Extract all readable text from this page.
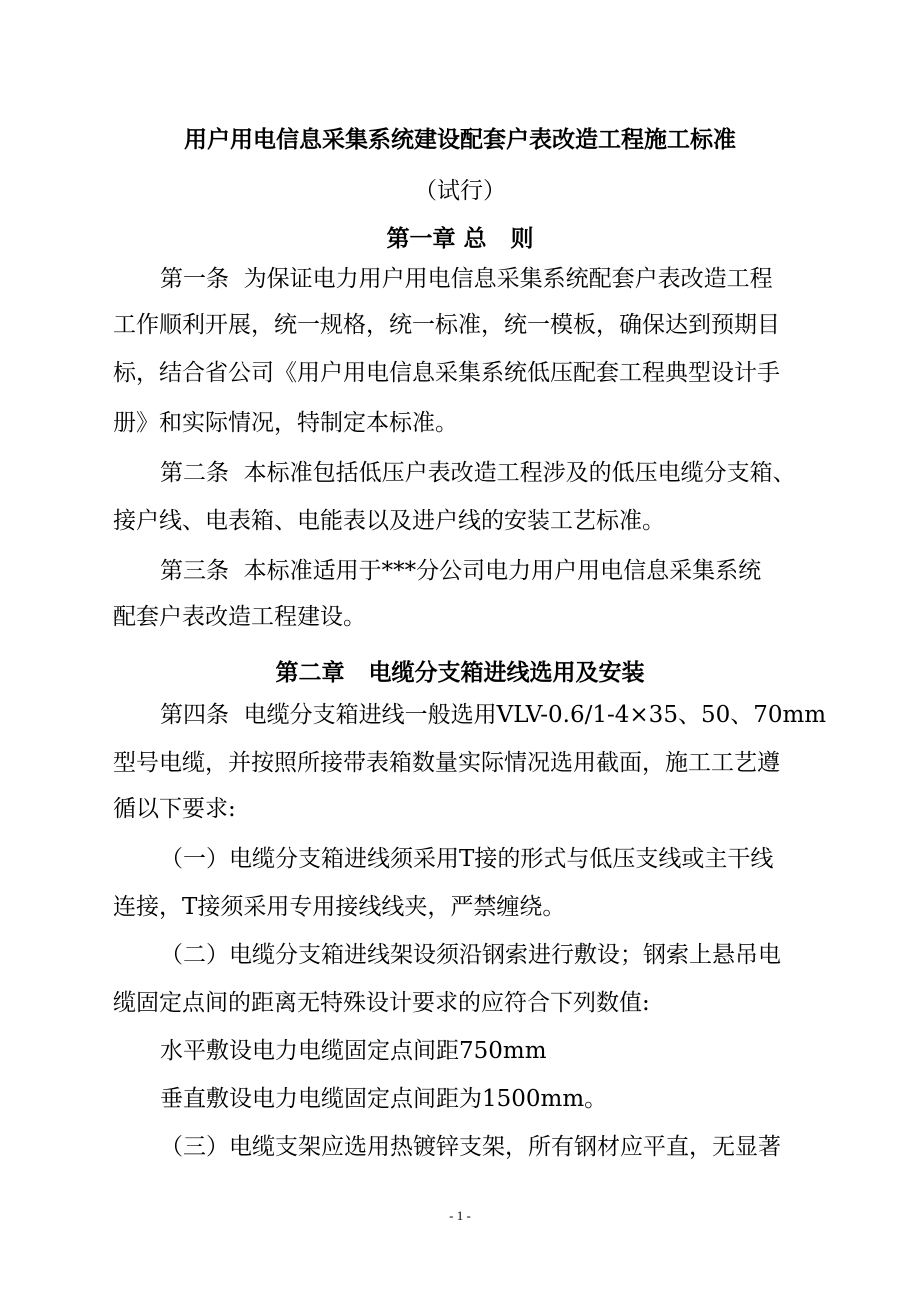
用户用电信息采集系统建设配套户表改造工程施工标准
（试行）
第一章 总   则
第一条  为保证电力用户用电信息采集系统配套户表改造工程
工作顺利开展，统一规格，统一标准，统一模板，确保达到预期目
标，结合省公司《用户用电信息采集系统低压配套工程典型设计手
册》和实际情况，特制定本标准。
第二条  本标准包括低压户表改造工程涉及的低压电缆分支箱、
接户线、电表箱、电能表以及进户线的安装工艺标准。
第三条  本标准适用于***分公司电力用户用电信息采集系统
配套户表改造工程建设。
第二章   电缆分支箱进线选用及安装
第四条  电缆分支箱进线一般选用VLV-0.6/1-4×35、50、70mm
型号电缆，并按照所接带表箱数量实际情况选用截面，施工工艺遵
循以下要求:
（一）电缆分支箱进线须采用T接的形式与低压支线或主干线
连接，T接须采用专用接线线夹，严禁缠绕。
（二）电缆分支箱进线架设须沿钢索进行敷设；钢索上悬吊电
缆固定点间的距离无特殊设计要求的应符合下列数值:
水平敷设电力电缆固定点间距750mm
垂直敷设电力电缆固定点间距为1500mm。
（三）电缆支架应选用热镀锌支架，所有钢材应平直，无显著
- 1 -
